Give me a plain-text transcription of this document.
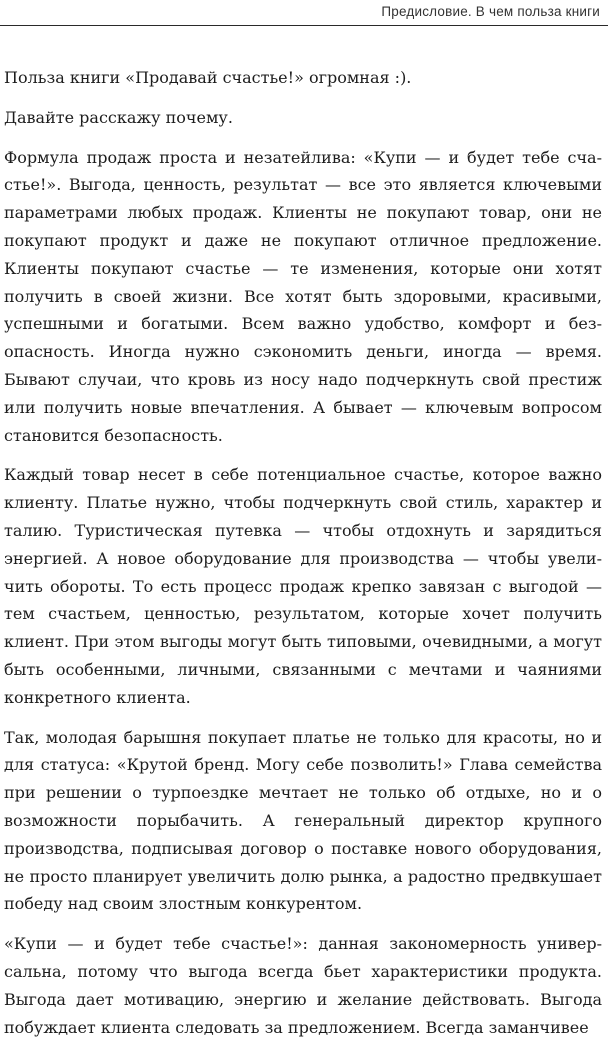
Предисловие. В чем польза книги

Польза книги «Продавай счастье!» огромная :).

Давайте расскажу почему.

Формула продаж проста и незатейлива: «Купи — и будет тебе счастье!». Выгода, ценность, результат — все это является ключевыми параметрами любых продаж. Клиенты не покупают товар, они не покупают продукт и даже не покупают отличное предложение. Клиенты покупают счастье — те изменения, которые они хотят получить в своей жизни. Все хотят быть здоровыми, красивыми, успешными и богатыми. Всем важно удобство, комфорт и безопасность. Иногда нужно сэкономить деньги, иногда — время. Бывают случаи, что кровь из носу надо подчеркнуть свой престиж или получить новые впечатления. А бывает — ключевым вопросом становится безопасность.

Каждый товар несет в себе потенциальное счастье, которое важно клиенту. Платье нужно, чтобы подчеркнуть свой стиль, характер и талию. Туристическая путевка — чтобы отдохнуть и зарядиться энергией. А новое оборудование для производства — чтобы увеличить обороты. То есть процесс продаж крепко завязан с выгодой — тем счастьем, ценностью, результатом, которые хочет получить клиент. При этом выгоды могут быть типовыми, очевидными, а могут быть особенными, личными, связанными с мечтами и чаяниями конкретного клиента.

Так, молодая барышня покупает платье не только для красоты, но и для статуса: «Крутой бренд. Могу себе позволить!» Глава семейства при решении о турпоездке мечтает не только об отдыхе, но и о возможности порыбачить. А генеральный директор крупного производства, подписывая договор о поставке нового оборудования, не просто планирует увеличить долю рынка, а радостно предвкушает победу над своим злостным конкурентом.

«Купи — и будет тебе счастье!»: данная закономерность универсальна, потому что выгода всегда бьет характеристики продукта. Выгода дает мотивацию, энергию и желание действовать. Выгода побуждает клиента следовать за предложением. Всегда заманчивее
